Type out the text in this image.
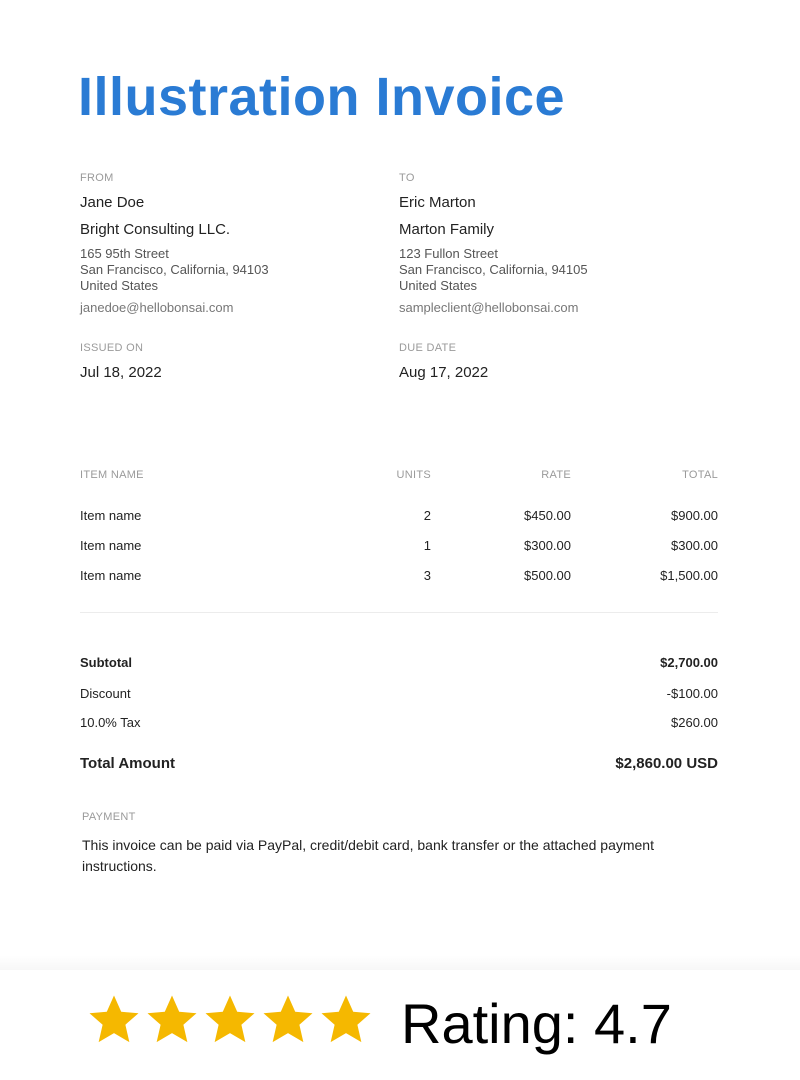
Illustration Invoice
FROM
Jane Doe
Bright Consulting LLC.
165 95th Street
San Francisco, California, 94103
United States
janedoe@hellobonsai.com
TO
Eric Marton
Marton Family
123 Fullon Street
San Francisco, California, 94105
United States
sampleclient@hellobonsai.com
ISSUED ON
Jul 18, 2022
DUE DATE
Aug 17, 2022
ITEM NAME	UNITS	RATE	TOTAL
Item name	2	$450.00	$900.00
Item name	1	$300.00	$300.00
Item name	3	$500.00	$1,500.00
Subtotal	$2,700.00
Discount	-$100.00
10.0% Tax	$260.00
Total Amount	$2,860.00 USD
PAYMENT
This invoice can be paid via PayPal, credit/debit card, bank transfer or the attached payment instructions.
Rating: 4.7
